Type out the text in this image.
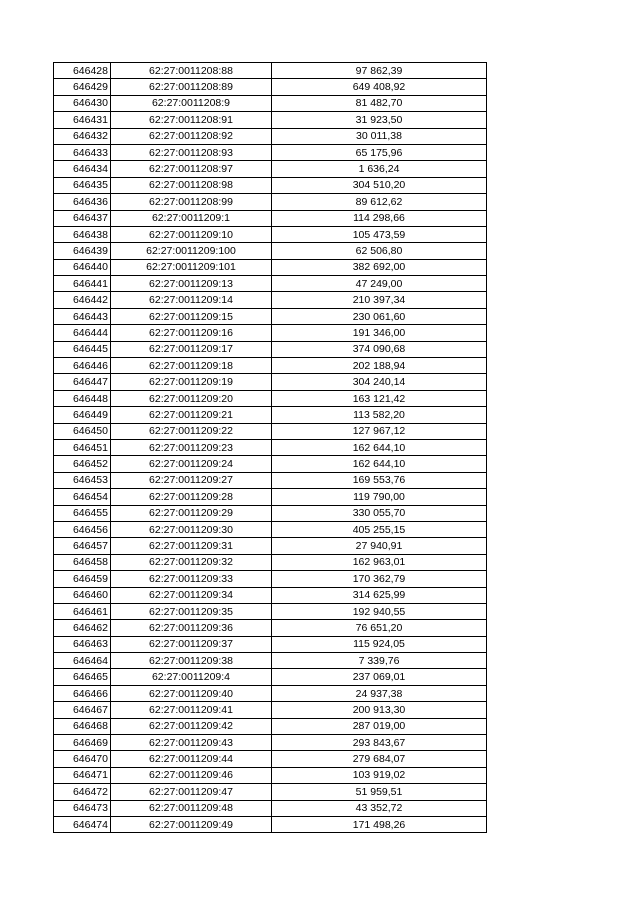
646428	62:27:0011208:88	97 862,39
646429	62:27:0011208:89	649 408,92
646430	62:27:0011208:9	81 482,70
646431	62:27:0011208:91	31 923,50
646432	62:27:0011208:92	30 011,38
646433	62:27:0011208:93	65 175,96
646434	62:27:0011208:97	1 636,24
646435	62:27:0011208:98	304 510,20
646436	62:27:0011208:99	89 612,62
646437	62:27:0011209:1	114 298,66
646438	62:27:0011209:10	105 473,59
646439	62:27:0011209:100	62 506,80
646440	62:27:0011209:101	382 692,00
646441	62:27:0011209:13	47 249,00
646442	62:27:0011209:14	210 397,34
646443	62:27:0011209:15	230 061,60
646444	62:27:0011209:16	191 346,00
646445	62:27:0011209:17	374 090,68
646446	62:27:0011209:18	202 188,94
646447	62:27:0011209:19	304 240,14
646448	62:27:0011209:20	163 121,42
646449	62:27:0011209:21	113 582,20
646450	62:27:0011209:22	127 967,12
646451	62:27:0011209:23	162 644,10
646452	62:27:0011209:24	162 644,10
646453	62:27:0011209:27	169 553,76
646454	62:27:0011209:28	119 790,00
646455	62:27:0011209:29	330 055,70
646456	62:27:0011209:30	405 255,15
646457	62:27:0011209:31	27 940,91
646458	62:27:0011209:32	162 963,01
646459	62:27:0011209:33	170 362,79
646460	62:27:0011209:34	314 625,99
646461	62:27:0011209:35	192 940,55
646462	62:27:0011209:36	76 651,20
646463	62:27:0011209:37	115 924,05
646464	62:27:0011209:38	7 339,76
646465	62:27:0011209:4	237 069,01
646466	62:27:0011209:40	24 937,38
646467	62:27:0011209:41	200 913,30
646468	62:27:0011209:42	287 019,00
646469	62:27:0011209:43	293 843,67
646470	62:27:0011209:44	279 684,07
646471	62:27:0011209:46	103 919,02
646472	62:27:0011209:47	51 959,51
646473	62:27:0011209:48	43 352,72
646474	62:27:0011209:49	171 498,26
